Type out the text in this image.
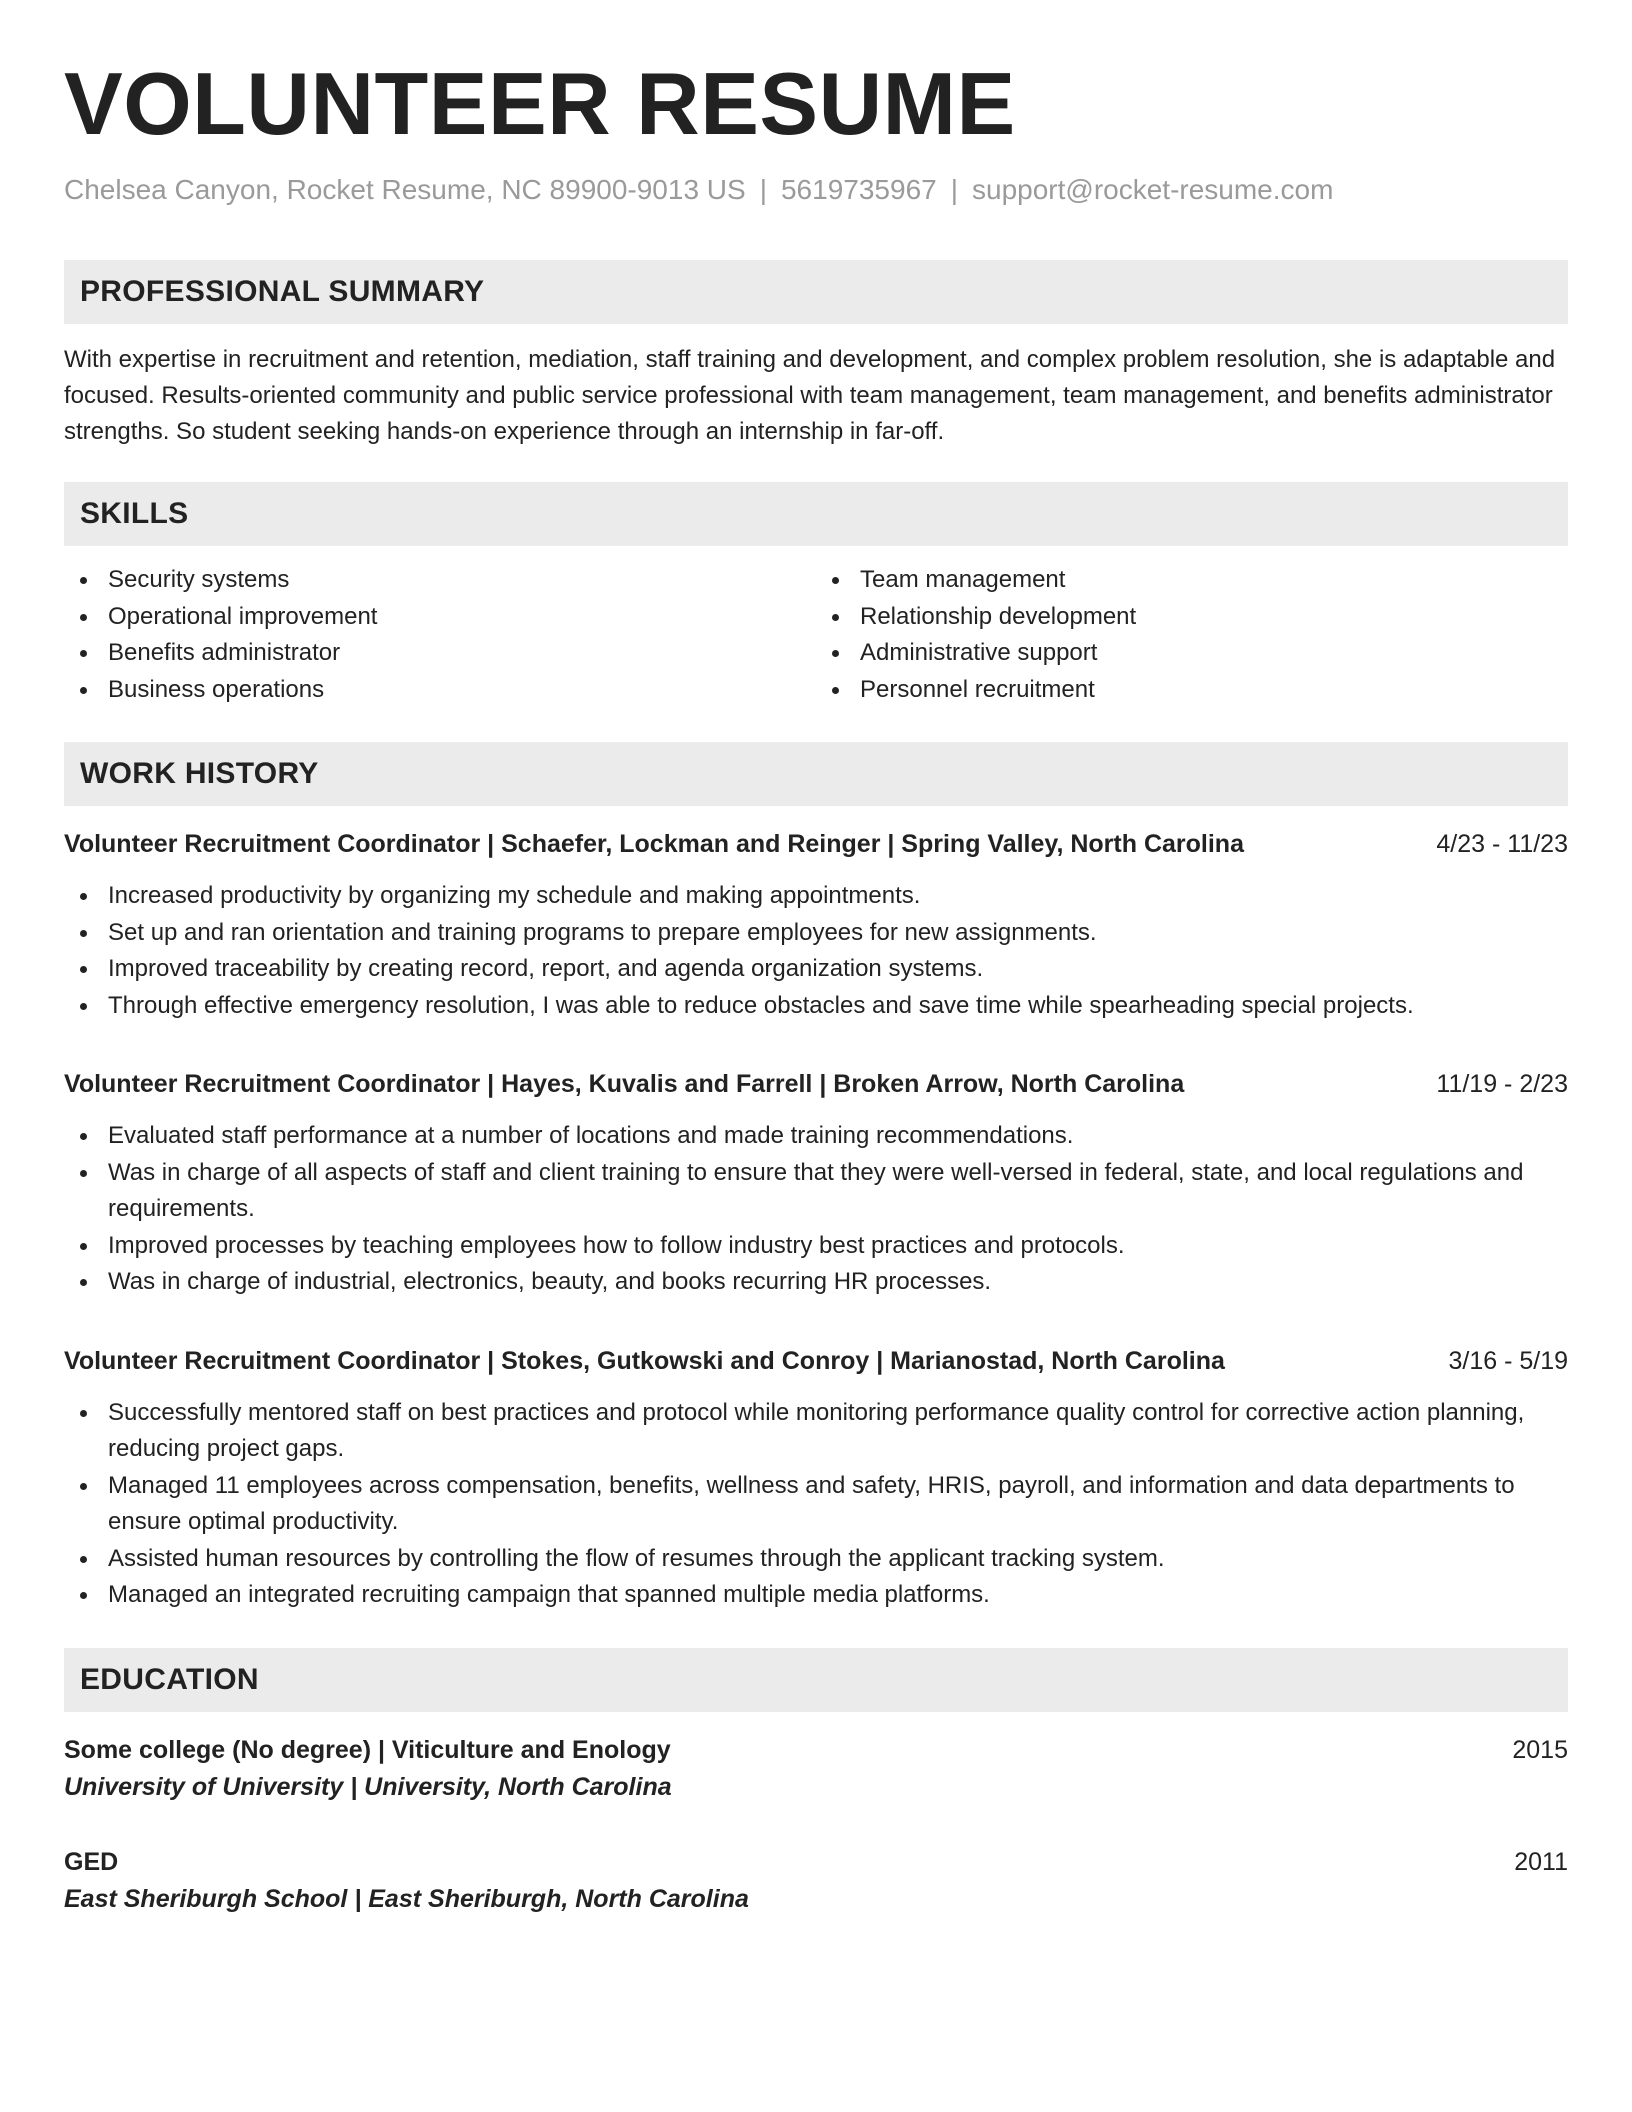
VOLUNTEER RESUME
Chelsea Canyon, Rocket Resume, NC 89900-9013 US | 5619735967 | support@rocket-resume.com
PROFESSIONAL SUMMARY
With expertise in recruitment and retention, mediation, staff training and development, and complex problem resolution, she is adaptable and focused. Results-oriented community and public service professional with team management, team management, and benefits administrator strengths. So student seeking hands-on experience through an internship in far-off.
SKILLS
Security systems
Operational improvement
Benefits administrator
Business operations
Team management
Relationship development
Administrative support
Personnel recruitment
WORK HISTORY
Volunteer Recruitment Coordinator | Schaefer, Lockman and Reinger | Spring Valley, North Carolina	4/23 - 11/23
Increased productivity by organizing my schedule and making appointments.
Set up and ran orientation and training programs to prepare employees for new assignments.
Improved traceability by creating record, report, and agenda organization systems.
Through effective emergency resolution, I was able to reduce obstacles and save time while spearheading special projects.
Volunteer Recruitment Coordinator | Hayes, Kuvalis and Farrell | Broken Arrow, North Carolina	11/19 - 2/23
Evaluated staff performance at a number of locations and made training recommendations.
Was in charge of all aspects of staff and client training to ensure that they were well-versed in federal, state, and local regulations and requirements.
Improved processes by teaching employees how to follow industry best practices and protocols.
Was in charge of industrial, electronics, beauty, and books recurring HR processes.
Volunteer Recruitment Coordinator | Stokes, Gutkowski and Conroy | Marianostad, North Carolina	3/16 - 5/19
Successfully mentored staff on best practices and protocol while monitoring performance quality control for corrective action planning, reducing project gaps.
Managed 11 employees across compensation, benefits, wellness and safety, HRIS, payroll, and information and data departments to ensure optimal productivity.
Assisted human resources by controlling the flow of resumes through the applicant tracking system.
Managed an integrated recruiting campaign that spanned multiple media platforms.
EDUCATION
Some college (No degree) | Viticulture and Enology	2015
University of University | University, North Carolina
GED	2011
East Sheriburgh School | East Sheriburgh, North Carolina
